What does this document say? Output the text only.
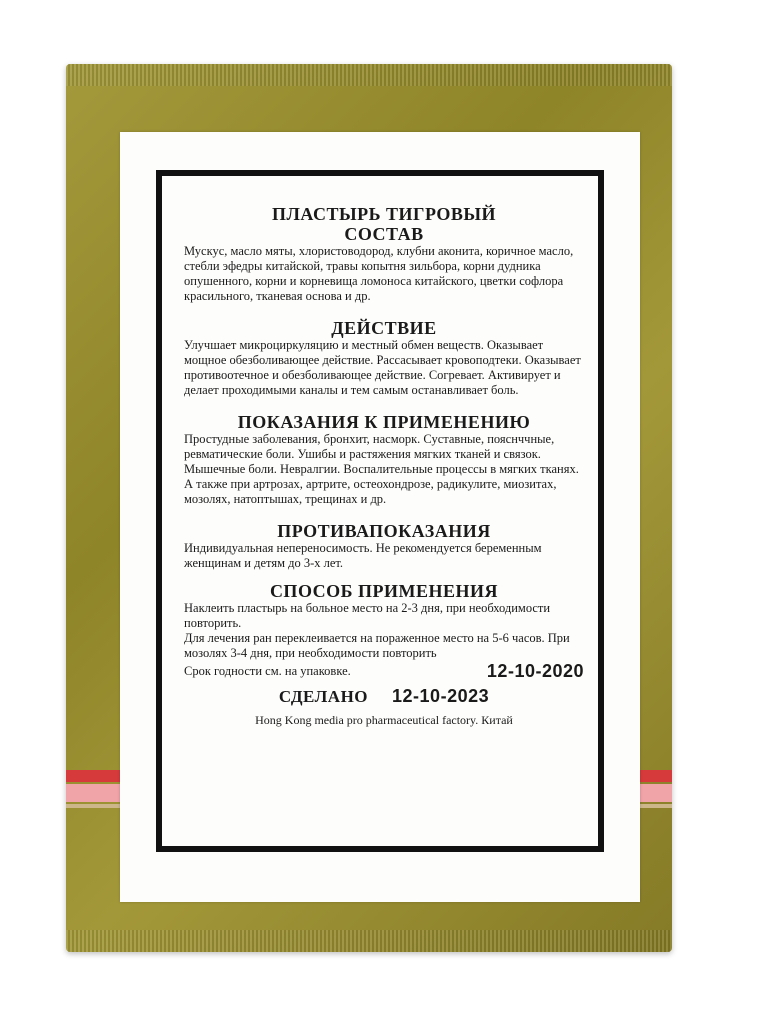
ПЛАСТЫРЬ ТИГРОВЫЙ

СОСТАВ

Мускус, масло мяты, хлористоводород, клубни аконита, коричное масло, стебли эфедры китайской, травы копытня зильбора, корни дудника опушенного, корни и корневища ломоноса китайского, цветки софлора красильного, тканевая основа и др.

ДЕЙСТВИЕ

Улучшает микроциркуляцию и местный обмен веществ. Оказывает мощное обезболивающее действие. Рассасывает кровоподтеки. Оказывает противоотечное и обезболивающее действие. Согревает. Активирует и делает проходимыми каналы и тем самым останавливает боль.

ПОКАЗАНИЯ К ПРИМЕНЕНИЮ

Простудные заболевания, бронхит, насморк. Суставные, пояснччные, ревматические боли. Ушибы и растяжения мягких тканей и связок.

Мышечные боли. Невралгии. Воспалительные процессы в мягких тканях.

А также при артрозах, артрите, остеохондрозе, радикулите, миозитах, мозолях, натоптышах, трещинах и др.

ПРОТИВАПОКАЗАНИЯ

Индивидуальная непереносимость. Не рекомендуется беременным женщинам и детям до 3-х лет.

СПОСОБ ПРИМЕНЕНИЯ

Наклеить пластырь на больное место на 2-3 дня, при необходимости повторить.

Для лечения ран переклеивается на пораженное место на 5-6 часов. При мозолях 3-4 дня, при необходимости повторить

Срок годности см. на упаковке.	12-10-2020
СДЕЛАНО 12-10-2023

Hong Kong media pro pharmaceutical factory. Китай
